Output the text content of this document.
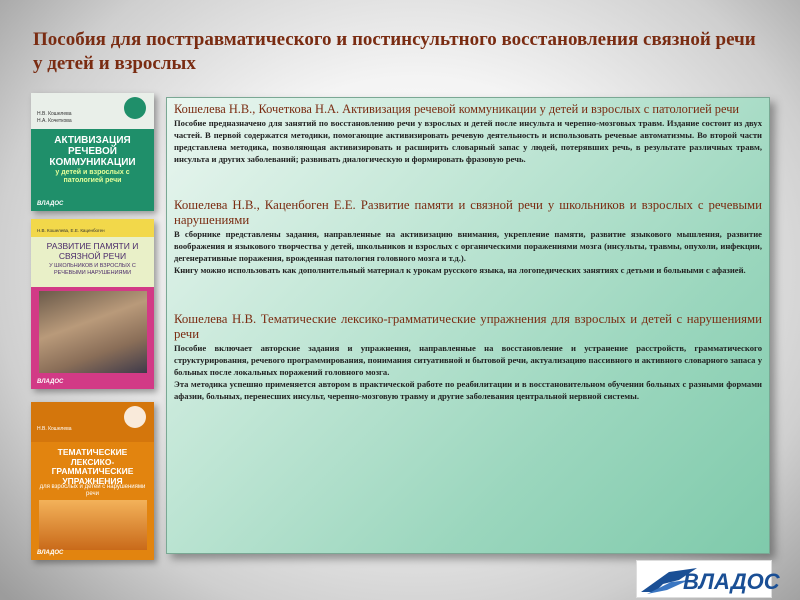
Пособия для посттравматического и постинсультного восстановления связной речи у детей и взрослых
Н.В. Кошелева
Н.А. Кочеткова
АКТИВИЗАЦИЯ РЕЧЕВОЙ КОММУНИКАЦИИ
у детей и взрослых с патологией речи
ВЛАДОС
Н.В. Кошелева, Е.Е. Каценбоген
РАЗВИТИЕ ПАМЯТИ И СВЯЗНОЙ РЕЧИ
У ШКОЛЬНИКОВ И ВЗРОСЛЫХ С РЕЧЕВЫМИ НАРУШЕНИЯМИ
ВЛАДОС
Н.В. Кошелева
ТЕМАТИЧЕСКИЕ ЛЕКСИКО-ГРАММАТИЧЕСКИЕ УПРАЖНЕНИЯ
для взрослых и детей с нарушениями речи
ВЛАДОС
Кошелева Н.В., Кочеткова Н.А. Активизация речевой коммуникации у детей и взрослых с патологией речи
Пособие предназначено для занятий по восстановлению речи у взрослых и детей после инсульта и черепно-мозговых травм. Издание состоит из двух частей. В первой содержатся методики, помогающие активизировать речевую деятельность и использовать речевые автоматизмы. Во второй части представлена методика, позволяющая активизировать и расширить словарный запас у людей, потерявших речь, в результате различных травм, инсульта и других заболеваний; развивать диалогическую и формировать фразовую речь.
Кошелева Н.В., Каценбоген Е.Е. Развитие памяти и связной речи у школьников и взрослых с речевыми нарушениями
В сборнике представлены задания, направленные на активизацию внимания, укрепление памяти, развитие языкового мышления, развитие воображения и языкового творчества у детей, школьников и взрослых с органическими поражениями мозга (инсульты, травмы, опухоли, инфекции, дегенеративные поражения, врожденная патология головного мозга и т.д.).
Книгу можно использовать как дополнительный материал к урокам русского языка, на логопедических занятиях с детьми и больными с афазией.
Кошелева Н.В. Тематические лексико-грамматические упражнения для взрослых и детей с нарушениями речи
Пособие включает авторские задания и упражнения, направленные на восстановление и устранение расстройств, грамматического структурирования, речевого программирования, понимания ситуативной и бытовой речи, актуализацию пассивного и активного словарного запаса у больных после локальных поражений головного мозга.
Эта методика успешно применяется автором в практической работе по реабилитации и в восстановительном обучении больных с разными формами афазии, больных, перенесших инсульт, черепно-мозговую травму и другие заболевания центральной нервной системы.
ВЛАДОС
